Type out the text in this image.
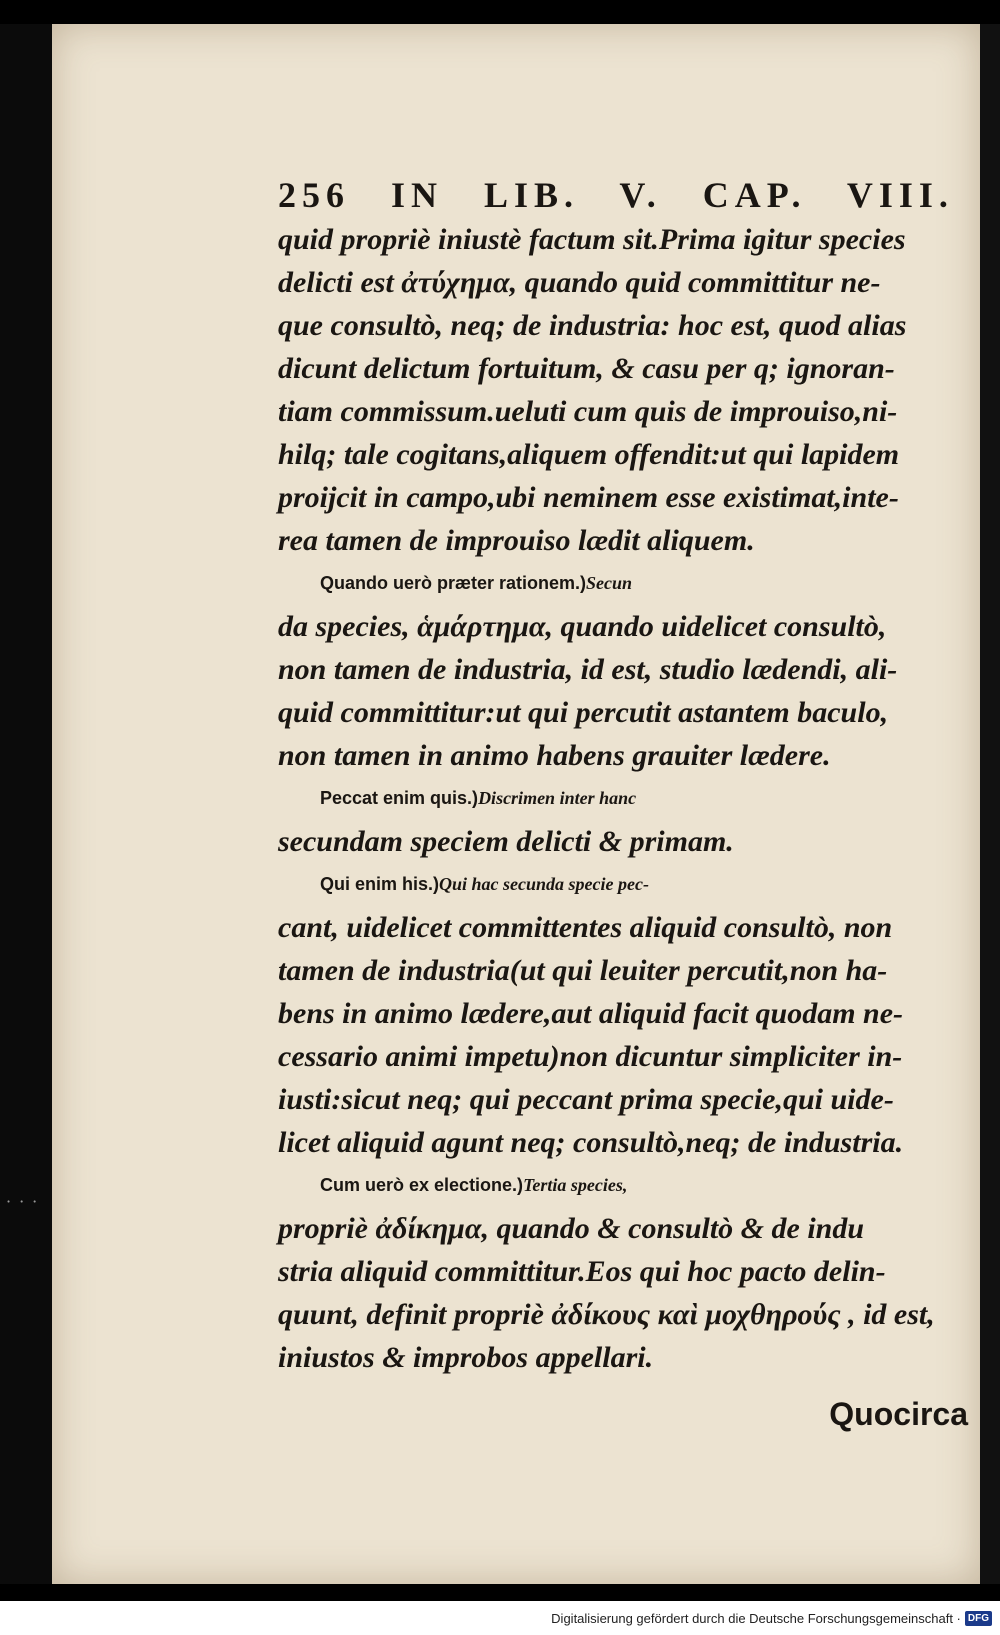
···
256 IN LIB. V. CAP. VIII.
quid propriè iniustè factum sit.Prima igitur species
delicti est ἀτύχημα, quando quid committitur ne-
que consultò, neq; de industria: hoc est, quod alias
dicunt delictum fortuitum, & casu per q; ignoran-
tiam commissum.ueluti cum quis de improuiso,ni-
hilq; tale cogitans,aliquem offendit:ut qui lapidem
proijcit in campo,ubi neminem esse existimat,inte-
rea tamen de improuiso lædit aliquem.
Quando uerò præter rationem.)Secun
da species, ἁμάρτημα, quando uidelicet consultò,
non tamen de industria, id est, studio lædendi, ali-
quid committitur:ut qui percutit astantem baculo,
non tamen in animo habens grauiter lædere.
Peccat enim quis.)Discrimen inter hanc
secundam speciem delicti & primam.
Qui enim his.)Qui hac secunda specie pec-
cant, uidelicet committentes aliquid consultò, non
tamen de industria(ut qui leuiter percutit,non ha-
bens in animo lædere,aut aliquid facit quodam ne-
cessario animi impetu)non dicuntur simpliciter in-
iusti:sicut neq; qui peccant prima specie,qui uide-
licet aliquid agunt neq; consultò,neq; de industria.
Cum uerò ex electione.)Tertia species,
propriè ἀδίκημα, quando & consultò & de indu
stria aliquid committitur.Eos qui hoc pacto delin-
quunt, definit propriè ἀδίκους καὶ μοχθηρούς , id est,
iniustos & improbos appellari.
Quocirca
Digitalisierung gefördert durch die Deutsche Forschungsgemeinschaft · DFG
